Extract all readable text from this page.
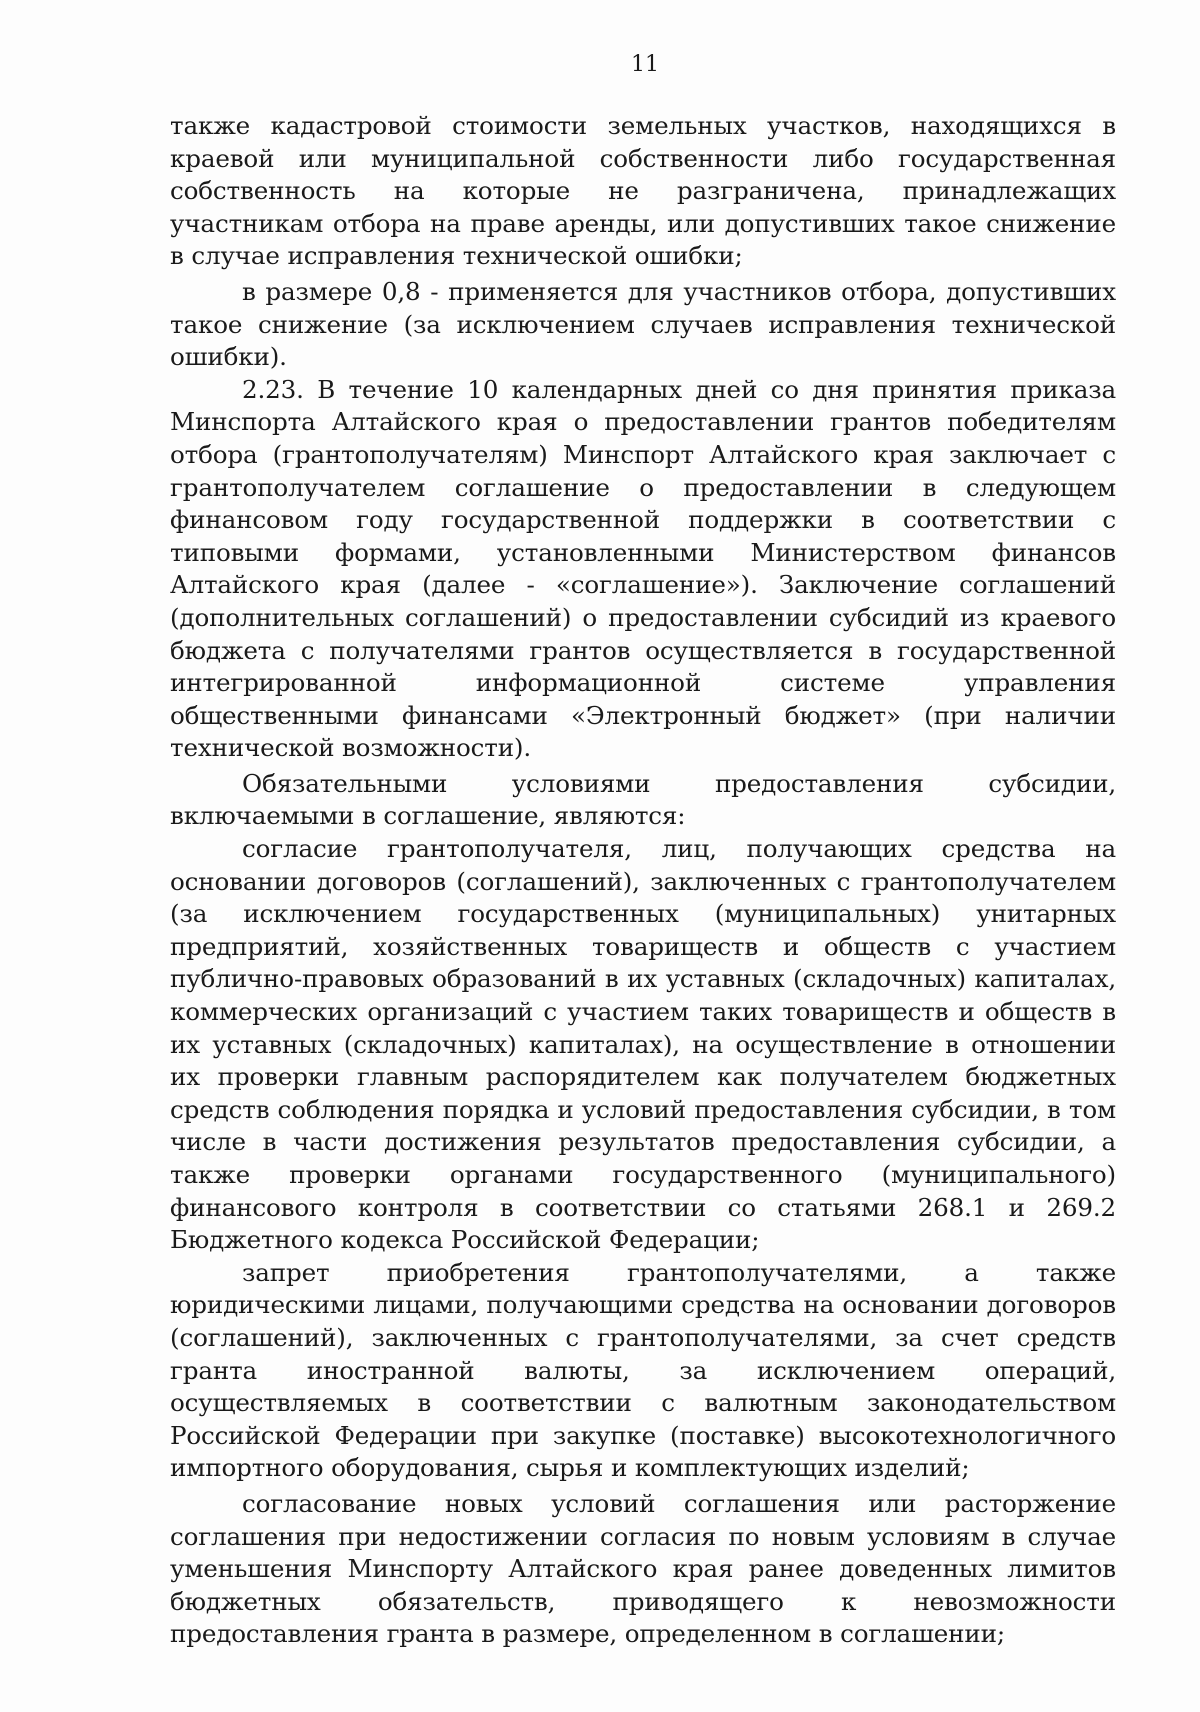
11

также кадастровой стоимости земельных участков, находящихся в краевой или муниципальной собственности либо государственная собственность на которые не разграничена, принадлежащих участникам отбора на праве аренды, или допустивших такое снижение в случае исправления технической ошибки;

в размере 0,8 - применяется для участников отбора, допустивших такое снижение (за исключением случаев исправления технической ошибки).

2.23. В течение 10 календарных дней со дня принятия приказа Минспорта Алтайского края о предоставлении грантов победителям отбора (грантополучателям) Минспорт Алтайского края заключает с грантополучателем соглашение о предоставлении в следующем финансовом году государственной поддержки в соответствии с типовыми формами, установленными Министерством финансов Алтайского края (далее - «соглашение»). Заключение соглашений (дополнительных соглашений) о предоставлении субсидий из краевого бюджета с получателями грантов осуществляется в государственной интегрированной информационной системе управления общественными финансами «Электронный бюджет» (при наличии технической возможности).

Обязательными условиями предоставления субсидии, включаемыми в соглашение, являются:

согласие грантополучателя, лиц, получающих средства на основании договоров (соглашений), заключенных с грантополучателем (за исключением государственных (муниципальных) унитарных предприятий, хозяйственных товариществ и обществ с участием публично-правовых образований в их уставных (складочных) капиталах, коммерческих организаций с участием таких товариществ и обществ в их уставных (складочных) капиталах), на осуществление в отношении их проверки главным распорядителем как получателем бюджетных средств соблюдения порядка и условий предоставления субсидии, в том числе в части достижения результатов предоставления субсидии, а также проверки органами государственного (муниципального) финансового контроля в соответствии со статьями 268.1 и 269.2 Бюджетного кодекса Российской Федерации;

запрет приобретения грантополучателями, а также юридическими лицами, получающими средства на основании договоров (соглашений), заключенных с грантополучателями, за счет средств гранта иностранной валюты, за исключением операций, осуществляемых в соответствии с валютным законодательством Российской Федерации при закупке (поставке) высокотехнологичного импортного оборудования, сырья и комплектующих изделий;

согласование новых условий соглашения или расторжение соглашения при недостижении согласия по новым условиям в случае уменьшения Минспорту Алтайского края ранее доведенных лимитов бюджетных обязательств, приводящего к невозможности предоставления гранта в размере, определенном в соглашении;
